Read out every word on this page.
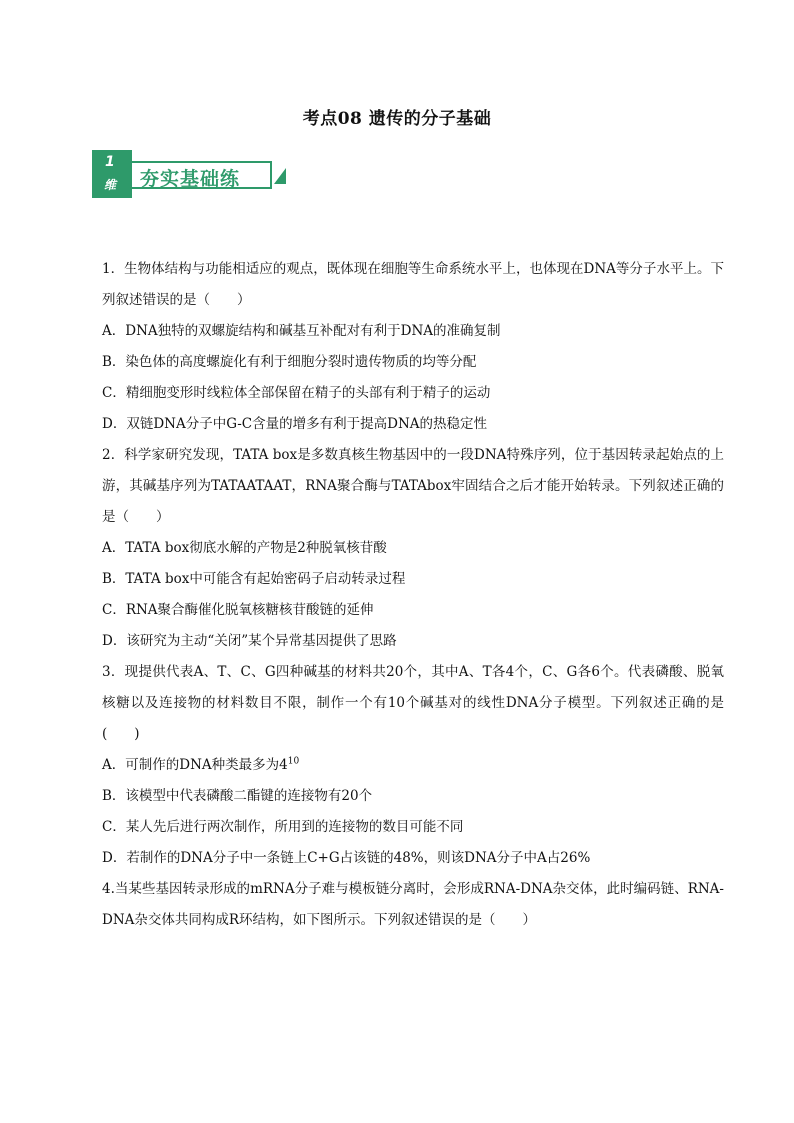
考点08 遗传的分子基础
1
维 夯实基础练

1．生物体结构与功能相适应的观点，既体现在细胞等生命系统水平上，也体现在DNA等分子水平上。下列叙述错误的是（　　）

A．DNA独特的双螺旋结构和碱基互补配对有利于DNA的准确复制

B．染色体的高度螺旋化有利于细胞分裂时遗传物质的均等分配

C．精细胞变形时线粒体全部保留在精子的头部有利于精子的运动

D．双链DNA分子中G-C含量的增多有利于提高DNA的热稳定性

2．科学家研究发现，TATA box是多数真核生物基因中的一段DNA特殊序列，位于基因转录起始点的上游，其碱基序列为TATAATAAT，RNA聚合酶与TATAbox牢固结合之后才能开始转录。下列叙述正确的是（　　）

A．TATA box彻底水解的产物是2种脱氧核苷酸

B．TATA box中可能含有起始密码子启动转录过程

C．RNA聚合酶催化脱氧核糖核苷酸链的延伸

D．该研究为主动“关闭”某个异常基因提供了思路

3．现提供代表A、T、C、G四种碱基的材料共20个，其中A、T各4个，C、G各6个。代表磷酸、脱氧核糖以及连接物的材料数目不限，制作一个有10个碱基对的线性DNA分子模型。下列叙述正确的是(　　)

A．可制作的DNA种类最多为$4^{10}$

B．该模型中代表磷酸二酯键的连接物有20个

C．某人先后进行两次制作，所用到的连接物的数目可能不同

D．若制作的DNA分子中一条链上C+G占该链的48%，则该DNA分子中A占26%

4.当某些基因转录形成的mRNA分子难与模板链分离时，会形成RNA-DNA杂交体，此时编码链、RNA-DNA杂交体共同构成R环结构，如下图所示。下列叙述错误的是（　　）
